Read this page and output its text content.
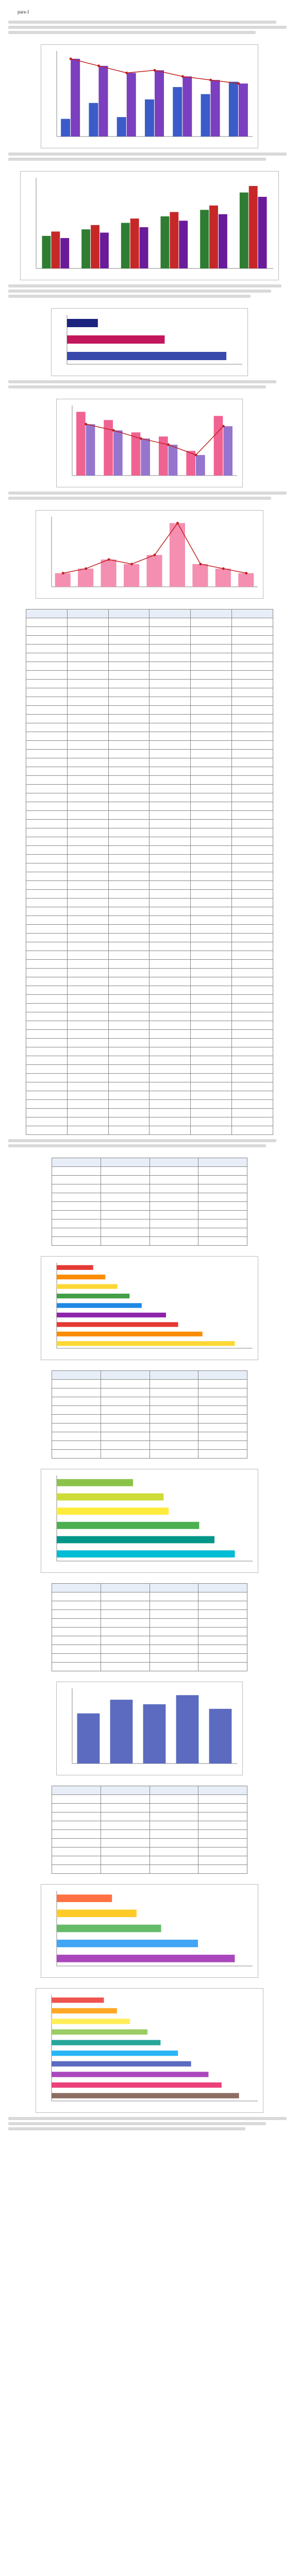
para-1
